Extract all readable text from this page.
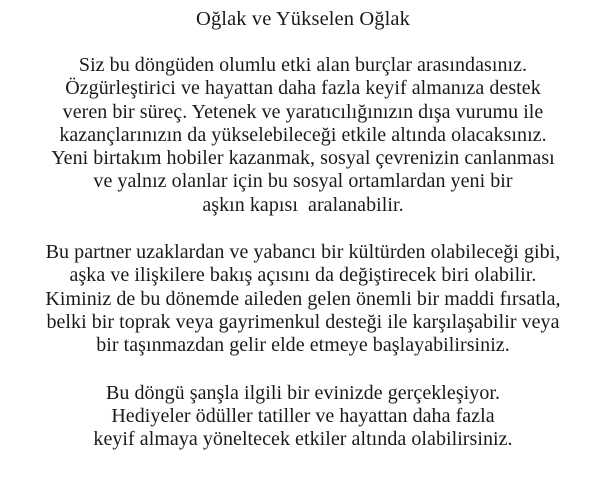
Oğlak ve Yükselen Oğlak
Siz bu döngüden olumlu etki alan burçlar arasındasınız.
Özgürleştirici ve hayattan daha fazla keyif almanıza destek
veren bir süreç. Yetenek ve yaratıcılığınızın dışa vurumu ile
kazançlarınızın da yükselebileceği etkile altında olacaksınız.
Yeni birtakım hobiler kazanmak, sosyal çevrenizin canlanması
ve yalnız olanlar için bu sosyal ortamlardan yeni bir
aşkın kapısı  aralanabilir.
Bu partner uzaklardan ve yabancı bir kültürden olabileceği gibi,
aşka ve ilişkilere bakış açısını da değiştirecek biri olabilir.
Kiminiz de bu dönemde aileden gelen önemli bir maddi fırsatla,
belki bir toprak veya gayrimenkul desteği ile karşılaşabilir veya
bir taşınmazdan gelir elde etmeye başlayabilirsiniz.
Bu döngü şanşla ilgili bir evinizde gerçekleşiyor.
Hediyeler ödüller tatiller ve hayattan daha fazla
keyif almaya yöneltecek etkiler altında olabilirsiniz.
